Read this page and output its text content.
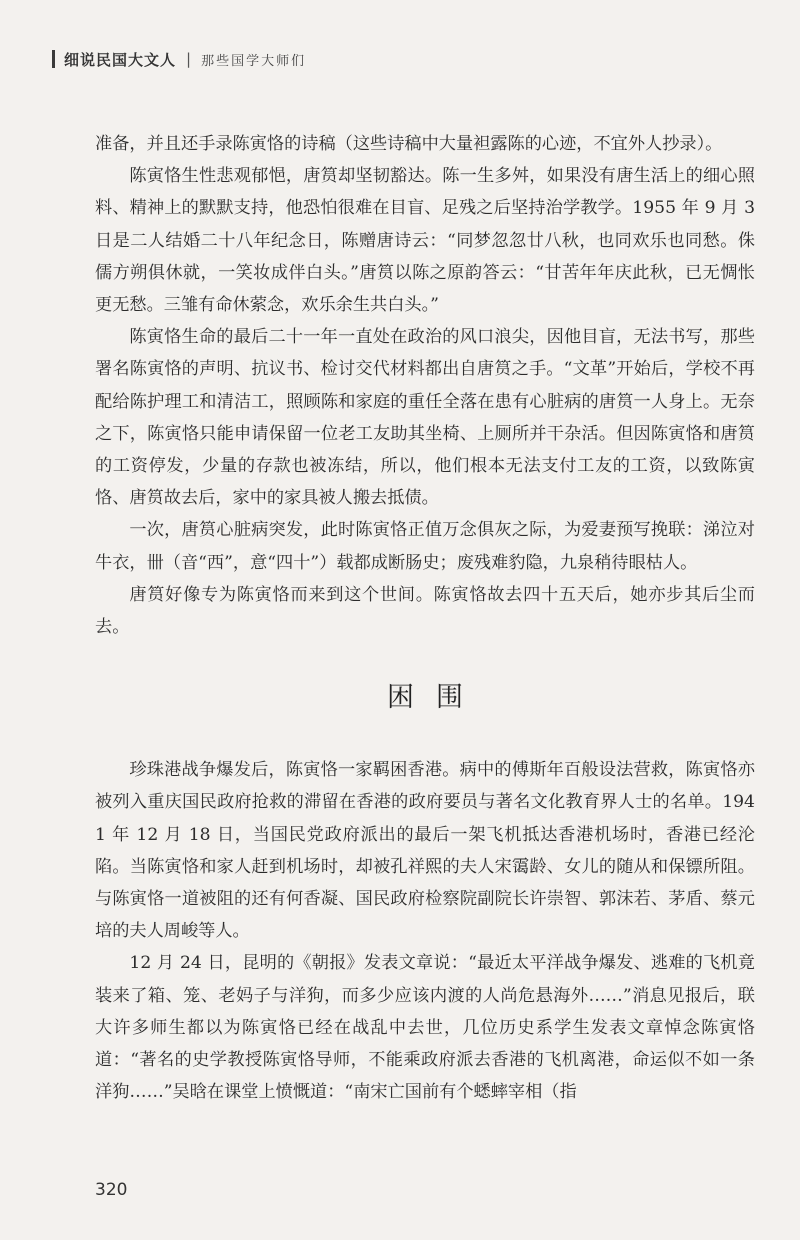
细说民国大文人 | 那些国学大师们

准备，并且还手录陈寅恪的诗稿（这些诗稿中大量袒露陈的心迹，不宜外人抄录）。

陈寅恪生性悲观郁悒，唐筼却坚韧豁达。陈一生多舛，如果没有唐生活上的细心照料、精神上的默默支持，他恐怕很难在目盲、足残之后坚持治学教学。1955 年 9 月 3 日是二人结婚二十八年纪念日，陈赠唐诗云：“同梦忽忽廿八秋，也同欢乐也同愁。侏儒方朔俱休就，一笑妆成伴白头。”唐筼以陈之原韵答云：“甘苦年年庆此秋，已无惆怅更无愁。三雏有命休萦念，欢乐余生共白头。”

陈寅恪生命的最后二十一年一直处在政治的风口浪尖，因他目盲，无法书写，那些署名陈寅恪的声明、抗议书、检讨交代材料都出自唐筼之手。“文革”开始后，学校不再配给陈护理工和清洁工，照顾陈和家庭的重任全落在患有心脏病的唐筼一人身上。无奈之下，陈寅恪只能申请保留一位老工友助其坐椅、上厕所并干杂活。但因陈寅恪和唐筼的工资停发，少量的存款也被冻结，所以，他们根本无法支付工友的工资，以致陈寅恪、唐筼故去后，家中的家具被人搬去抵债。

一次，唐筼心脏病突发，此时陈寅恪正值万念俱灰之际，为爱妻预写挽联：涕泣对牛衣，卌（音“西”，意“四十”）载都成断肠史；废残难豹隐，九泉稍待眼枯人。

唐筼好像专为陈寅恪而来到这个世间。陈寅恪故去四十五天后，她亦步其后尘而去。

困围

珍珠港战争爆发后，陈寅恪一家羁困香港。病中的傅斯年百般设法营救，陈寅恪亦被列入重庆国民政府抢救的滞留在香港的政府要员与著名文化教育界人士的名单。1941 年 12 月 18 日，当国民党政府派出的最后一架飞机抵达香港机场时，香港已经沦陷。当陈寅恪和家人赶到机场时，却被孔祥熙的夫人宋霭龄、女儿的随从和保镖所阻。与陈寅恪一道被阻的还有何香凝、国民政府检察院副院长许崇智、郭沫若、茅盾、蔡元培的夫人周峻等人。

12 月 24 日，昆明的《朝报》发表文章说：“最近太平洋战争爆发、逃难的飞机竟装来了箱、笼、老妈子与洋狗，而多少应该内渡的人尚危悬海外……”消息见报后，联大许多师生都以为陈寅恪已经在战乱中去世，几位历史系学生发表文章悼念陈寅恪道：“著名的史学教授陈寅恪导师，不能乘政府派去香港的飞机离港，命运似不如一条洋狗……”吴晗在课堂上愤慨道：“南宋亡国前有个蟋蟀宰相（指

320
